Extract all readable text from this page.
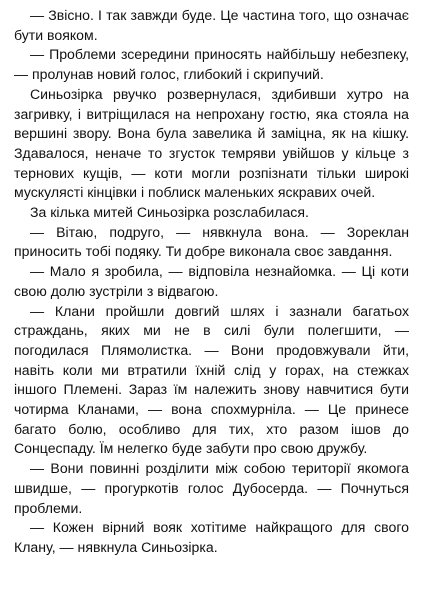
— Звісно. І так завжди буде. Це частина того, що означає бути вояком.

— Проблеми зсередини приносять найбільшу небезпеку, — пролунав новий голос, глибокий і скрипучий.

Синьозірка рвучко розвернулася, здибивши хутро на загривку, і витріщилася на непрохану гостю, яка стояла на вершині звору. Вона була завелика й заміцна, як на кішку. Здавалося, неначе то згусток темряви увійшов у кільце з тернових кущів, — коти могли розпізнати тільки широкі мускулясті кінцівки і поблиск маленьких яскравих очей.

За кілька митей Синьозірка розслабилася.

— Вітаю, подруго, — нявкнула вона. — Зореклан приносить тобі подяку. Ти добре виконала своє завдання.

— Мало я зробила, — відповіла незнайомка. — Ці коти свою долю зустріли з відвагою.

— Клани пройшли довгий шлях і зазнали багатьох страждань, яких ми не в силі були полегшити, — погодилася Плямолистка. — Вони продовжували йти, навіть коли ми втратили їхній слід у горах, на стежках іншого Племені. Зараз їм належить знову навчитися бути чотирма Кланами, — вона спохмурніла. — Це принесе багато болю, особливо для тих, хто разом ішов до Сонцеспаду. Їм нелегко буде забути про свою дружбу.

— Вони повинні розділити між собою території якомога швидше, — прогуркотів голос Дубосерда. — Почнуться проблеми.

— Кожен вірний вояк хотітиме найкращого для свого Клану, — нявкнула Синьозірка.
